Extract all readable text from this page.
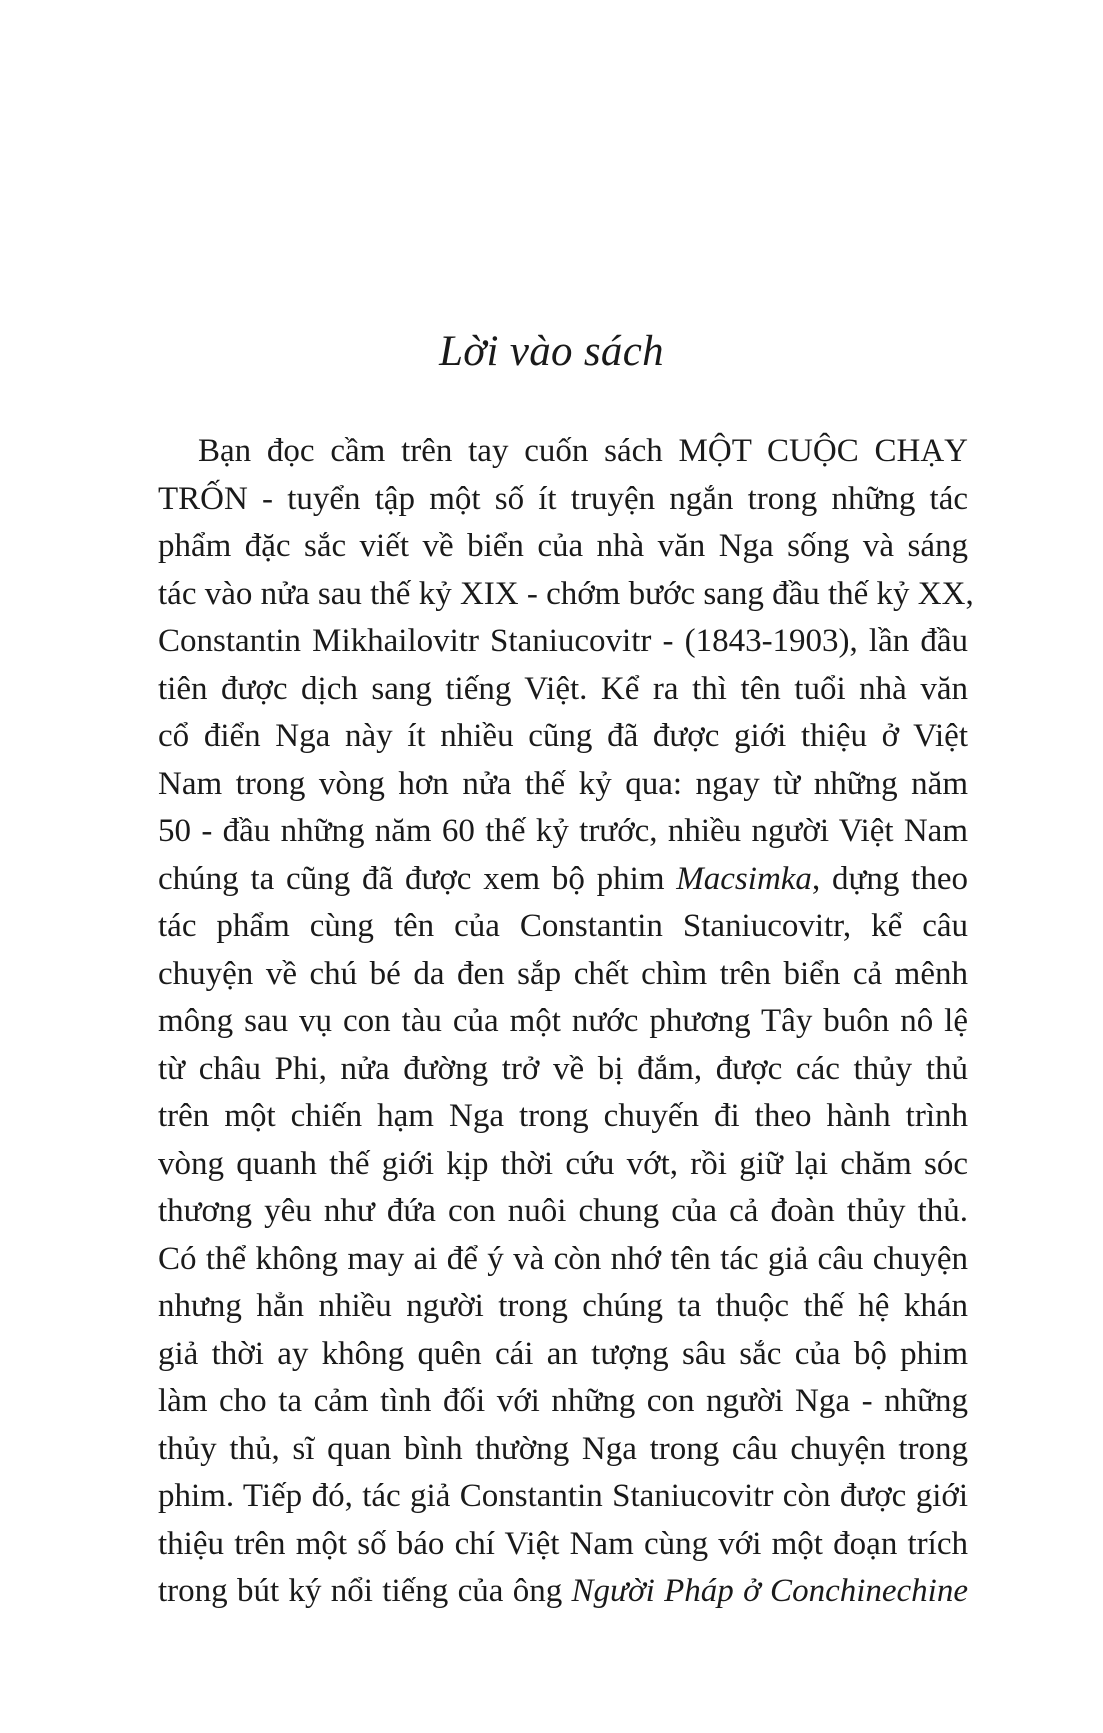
Lời vào sách
Bạn đọc cầm trên tay cuốn sách MỘT CUỘC CHẠY
TRỐN - tuyển tập một số ít truyện ngắn trong những tác
phẩm đặc sắc viết về biển của nhà văn Nga sống và sáng
tác vào nửa sau thế kỷ XIX - chớm bước sang đầu thế kỷ XX,
Constantin Mikhailovitr Staniucovitr - (1843-1903), lần đầu
tiên được dịch sang tiếng Việt. Kể ra thì tên tuổi nhà văn
cổ điển Nga này ít nhiều cũng đã được giới thiệu ở Việt
Nam trong vòng hơn nửa thế kỷ qua: ngay từ những năm
50 - đầu những năm 60 thế kỷ trước, nhiều người Việt Nam
chúng ta cũng đã được xem bộ phim Macsimka, dựng theo
tác phẩm cùng tên của Constantin Staniucovitr, kể câu
chuyện về chú bé da đen sắp chết chìm trên biển cả mênh
mông sau vụ con tàu của một nước phương Tây buôn nô lệ
từ châu Phi, nửa đường trở về bị đắm, được các thủy thủ
trên một chiến hạm Nga trong chuyến đi theo hành trình
vòng quanh thế giới kịp thời cứu vớt, rồi giữ lại chăm sóc
thương yêu như đứa con nuôi chung của cả đoàn thủy thủ.
Có thể không may ai để ý và còn nhớ tên tác giả câu chuyện
nhưng hẳn nhiều người trong chúng ta thuộc thế hệ khán
giả thời ay không quên cái an tượng sâu sắc của bộ phim
làm cho ta cảm tình đối với những con người Nga - những
thủy thủ, sĩ quan bình thường Nga trong câu chuyện trong
phim. Tiếp đó, tác giả Constantin Staniucovitr còn được giới
thiệu trên một số báo chí Việt Nam cùng với một đoạn trích
trong bút ký nổi tiếng của ông Người Pháp ở Conchinechine
